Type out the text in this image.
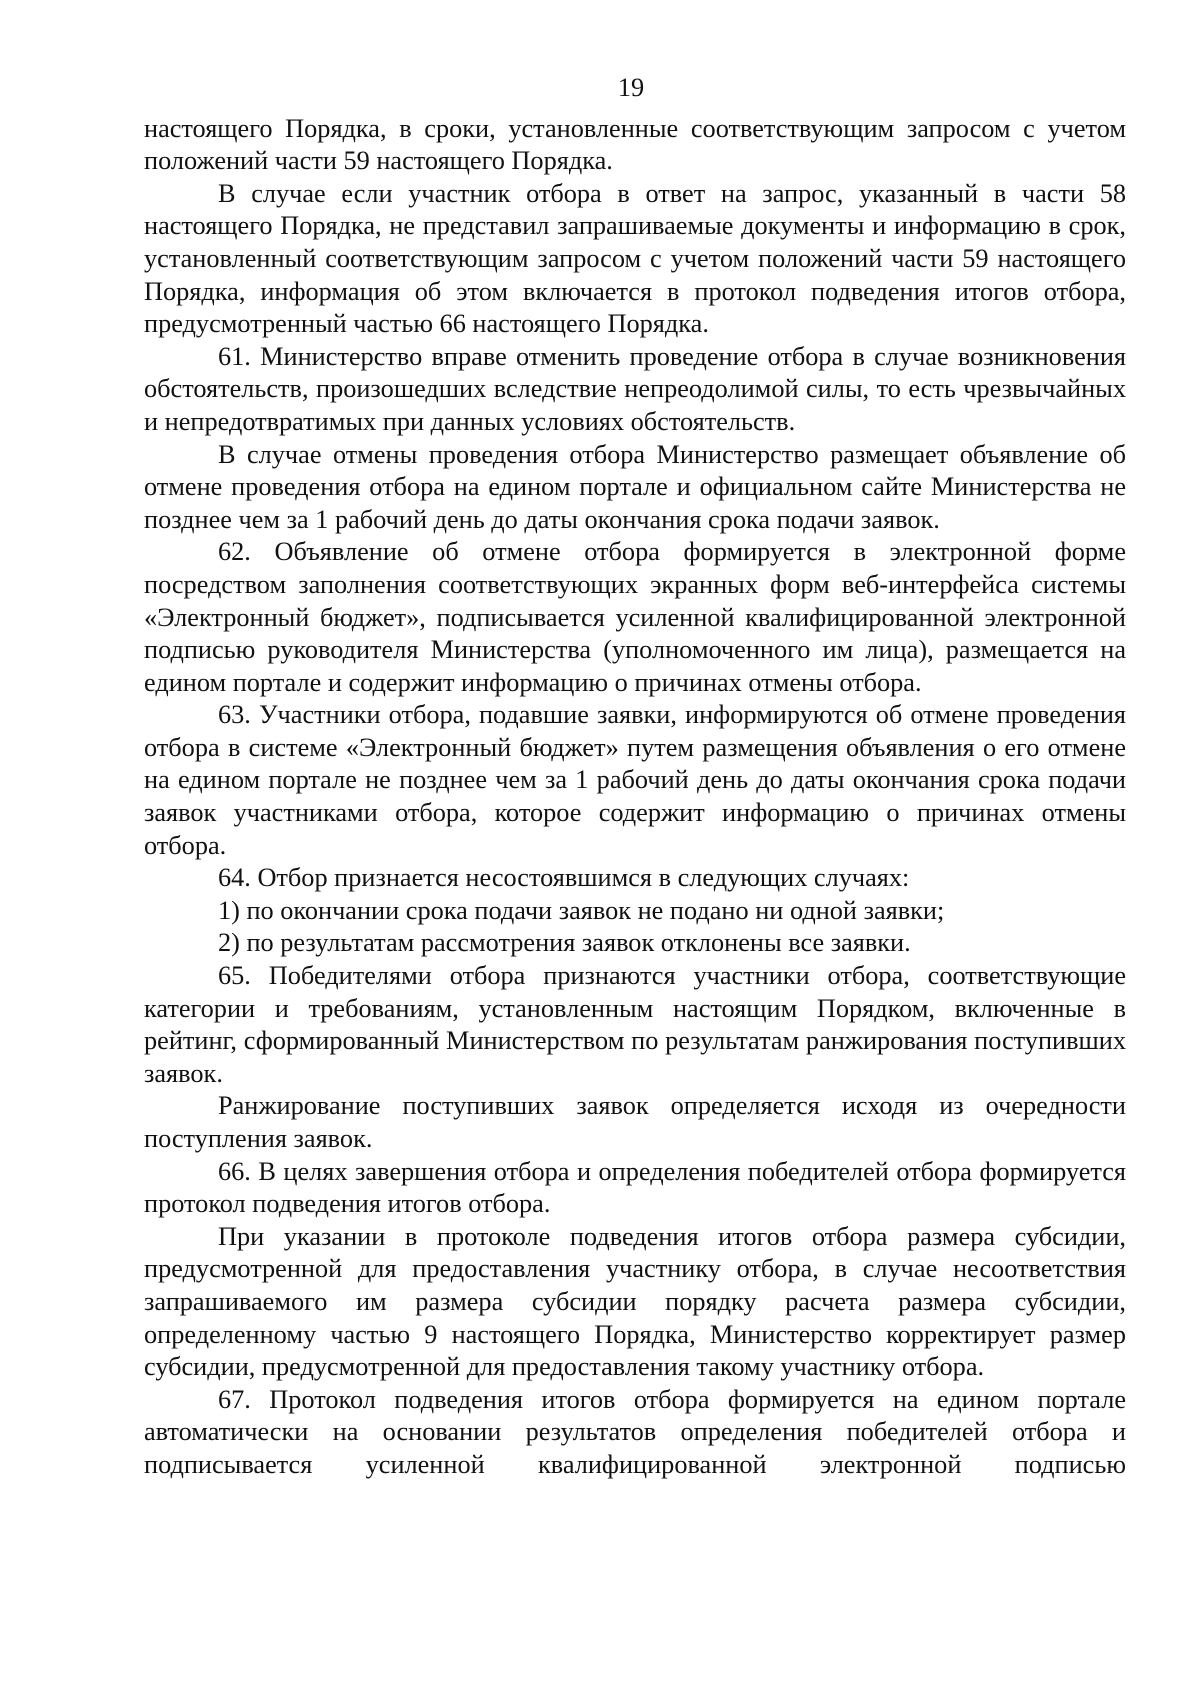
19

настоящего Порядка, в сроки, установленные соответствующим запросом с учетом положений части 59 настоящего Порядка.

В случае если участник отбора в ответ на запрос, указанный в части 58 настоящего Порядка, не представил запрашиваемые документы и информацию в срок, установленный соответствующим запросом с учетом положений части 59 настоящего Порядка, информация об этом включается в протокол подведения итогов отбора, предусмотренный частью 66 настоящего Порядка.

61. Министерство вправе отменить проведение отбора в случае возникновения обстоятельств, произошедших вследствие непреодолимой силы, то есть чрезвычайных и непредотвратимых при данных условиях обстоятельств.

В случае отмены проведения отбора Министерство размещает объявление об отмене проведения отбора на едином портале и официальном сайте Министерства не позднее чем за 1 рабочий день до даты окончания срока подачи заявок.

62. Объявление об отмене отбора формируется в электронной форме посредством заполнения соответствующих экранных форм веб-интерфейса системы «Электронный бюджет», подписывается усиленной квалифицированной электронной подписью руководителя Министерства (уполномоченного им лица), размещается на едином портале и содержит информацию о причинах отмены отбора.

63. Участники отбора, подавшие заявки, информируются об отмене проведения отбора в системе «Электронный бюджет» путем размещения объявления о его отмене на едином портале не позднее чем за 1 рабочий день до даты окончания срока подачи заявок участниками отбора, которое содержит информацию о причинах отмены отбора.

64. Отбор признается несостоявшимся в следующих случаях:

1) по окончании срока подачи заявок не подано ни одной заявки;

2) по результатам рассмотрения заявок отклонены все заявки.

65. Победителями отбора признаются участники отбора, соответствующие категории и требованиям, установленным настоящим Порядком, включенные в рейтинг, сформированный Министерством по результатам ранжирования поступивших заявок.

Ранжирование поступивших заявок определяется исходя из очередности поступления заявок.

66. В целях завершения отбора и определения победителей отбора формируется протокол подведения итогов отбора.

При указании в протоколе подведения итогов отбора размера субсидии, предусмотренной для предоставления участнику отбора, в случае несоответствия запрашиваемого им размера субсидии порядку расчета размера субсидии, определенному частью 9 настоящего Порядка, Министерство корректирует размер субсидии, предусмотренной для предоставления такому участнику отбора.

67. Протокол подведения итогов отбора формируется на едином портале автоматически на основании результатов определения победителей отбора и подписывается усиленной квалифицированной электронной подписью
